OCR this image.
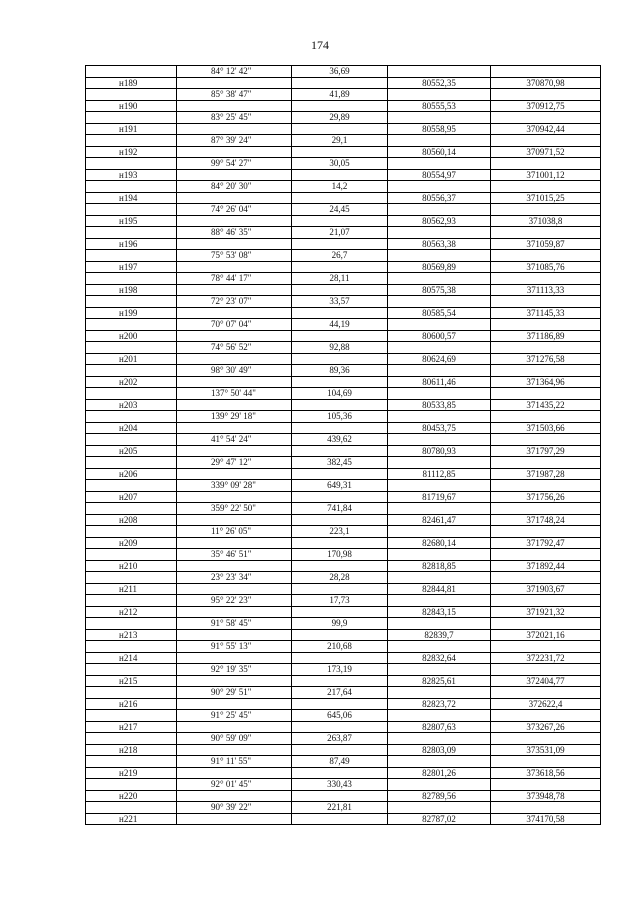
174
	84° 12' 42"	36,69		
н189			80552,35	370870,98
	85° 38' 47"	41,89		
н190			80555,53	370912,75
	83° 25' 45"	29,89		
н191			80558,95	370942,44
	87° 39' 24"	29,1		
н192			80560,14	370971,52
	99° 54' 27"	30,05		
н193			80554,97	371001,12
	84° 20' 30"	14,2		
н194			80556,37	371015,25
	74° 26' 04"	24,45		
н195			80562,93	371038,8
	88° 46' 35"	21,07		
н196			80563,38	371059,87
	75° 53' 08"	26,7		
н197			80569,89	371085,76
	78° 44' 17"	28,11		
н198			80575,38	371113,33
	72° 23' 07"	33,57		
н199			80585,54	371145,33
	70° 07' 04"	44,19		
н200			80600,57	371186,89
	74° 56' 52"	92,88		
н201			80624,69	371276,58
	98° 30' 49"	89,36		
н202			80611,46	371364,96
	137° 50' 44"	104,69		
н203			80533,85	371435,22
	139° 29' 18"	105,36		
н204			80453,75	371503,66
	41° 54' 24"	439,62		
н205			80780,93	371797,29
	29° 47' 12"	382,45		
н206			81112,85	371987,28
	339° 09' 28"	649,31		
н207			81719,67	371756,26
	359° 22' 50"	741,84		
н208			82461,47	371748,24
	11° 26' 05"	223,1		
н209			82680,14	371792,47
	35° 46' 51"	170,98		
н210			82818,85	371892,44
	23° 23' 34"	28,28		
н211			82844,81	371903,67
	95° 22' 23"	17,73		
н212			82843,15	371921,32
	91° 58' 45"	99,9		
н213			82839,7	372021,16
	91° 55' 13"	210,68		
н214			82832,64	372231,72
	92° 19' 35"	173,19		
н215			82825,61	372404,77
	90° 29' 51"	217,64		
н216			82823,72	372622,4
	91° 25' 45"	645,06		
н217			82807,63	373267,26
	90° 59' 09"	263,87		
н218			82803,09	373531,09
	91° 11' 55"	87,49		
н219			82801,26	373618,56
	92° 01' 45"	330,43		
н220			82789,56	373948,78
	90° 39' 22"	221,81		
н221			82787,02	374170,58
